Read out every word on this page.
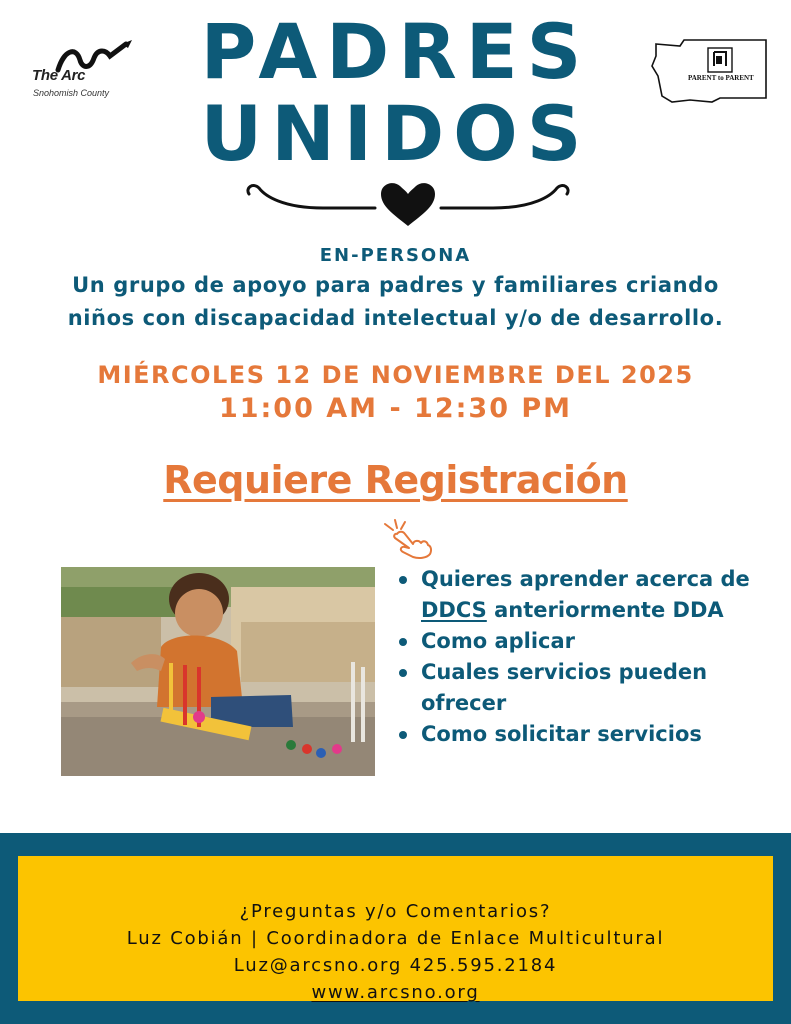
The Arc
Snohomish County
PARENT to PARENT
PADRES
UNIDOS
EN-PERSONA
Un grupo de apoyo para padres y familiares criando
niños con discapacidad intelectual y/o de desarrollo.
MIÉRCOLES 12 DE NOVIEMBRE DEL 2025
11:00 AM - 12:30 PM
Requiere Registración
Quieres aprender acerca de DDCS anteriormente DDA
Como aplicar
Cuales servicios pueden ofrecer
Como solicitar servicios
¿Preguntas y/o Comentarios?
Luz Cobián | Coordinadora de Enlace Multicultural
Luz@arcsno.org 425.595.2184
www.arcsno.org
